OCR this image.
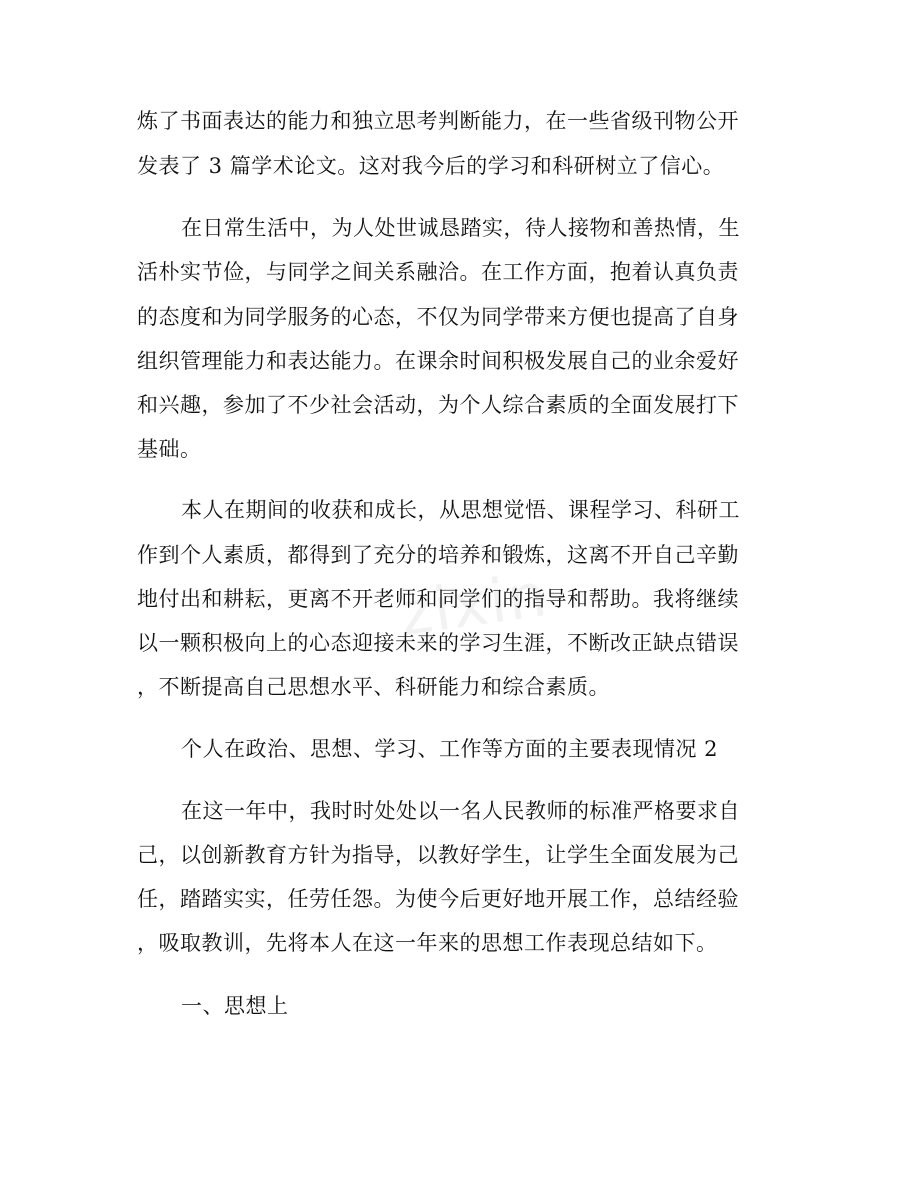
zixin
炼了书面表达的能力和独立思考判断能力，在一些省级刊物公开
发表了 3 篇学术论文。这对我今后的学习和科研树立了信心。
在日常生活中，为人处世诚恳踏实，待人接物和善热情，生
活朴实节俭，与同学之间关系融洽。在工作方面，抱着认真负责
的态度和为同学服务的心态，不仅为同学带来方便也提高了自身
组织管理能力和表达能力。在课余时间积极发展自己的业余爱好
和兴趣，参加了不少社会活动，为个人综合素质的全面发展打下
基础。
本人在期间的收获和成长，从思想觉悟、课程学习、科研工
作到个人素质，都得到了充分的培养和锻炼，这离不开自己辛勤
地付出和耕耘，更离不开老师和同学们的指导和帮助。我将继续
以一颗积极向上的心态迎接未来的学习生涯，不断改正缺点错误
，不断提高自己思想水平、科研能力和综合素质。
个人在政治、思想、学习、工作等方面的主要表现情况 2
在这一年中，我时时处处以一名人民教师的标准严格要求自
己，以创新教育方针为指导，以教好学生，让学生全面发展为己
任，踏踏实实，任劳任怨。为使今后更好地开展工作，总结经验
，吸取教训，先将本人在这一年来的思想工作表现总结如下。
一、思想上
